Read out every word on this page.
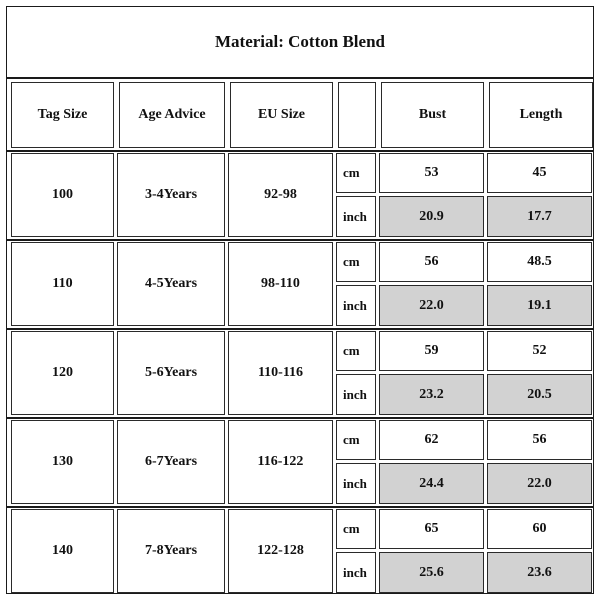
Material: Cotton Blend
Tag Size	Age Advice	EU Size	Bust	Length
100	3-4Years	92-98
cm	53	45
inch	20.9	17.7
110	4-5Years	98-110
cm	56	48.5
inch	22.0	19.1
120	5-6Years	110-116
cm	59	52
inch	23.2	20.5
130	6-7Years	116-122
cm	62	56
inch	24.4	22.0
140	7-8Years	122-128
cm	65	60
inch	25.6	23.6
